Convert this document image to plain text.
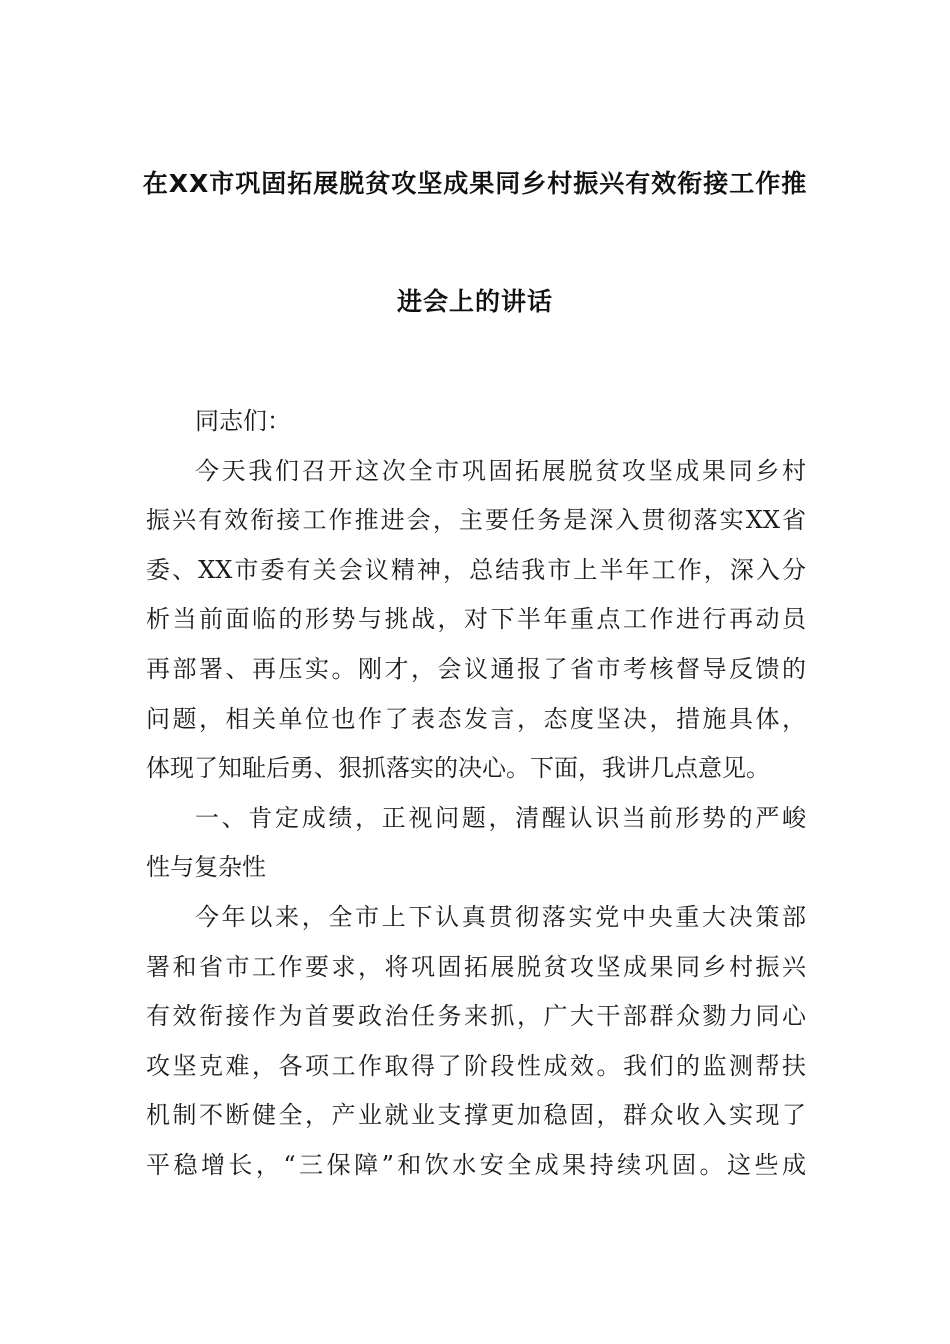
在XX市巩固拓展脱贫攻坚成果同乡村振兴有效衔接工作推
进会上的讲话
同志们：
今天我们召开这次全市巩固拓展脱贫攻坚成果同乡村
振兴有效衔接工作推进会，主要任务是深入贯彻落实XX省
委、XX市委有关会议精神，总结我市上半年工作，深入分
析当前面临的形势与挑战，对下半年重点工作进行再动员
再部署、再压实。刚才，会议通报了省市考核督导反馈的
问题，相关单位也作了表态发言，态度坚决，措施具体，
体现了知耻后勇、狠抓落实的决心。下面，我讲几点意见。
一、肯定成绩，正视问题，清醒认识当前形势的严峻
性与复杂性
今年以来，全市上下认真贯彻落实党中央重大决策部
署和省市工作要求，将巩固拓展脱贫攻坚成果同乡村振兴
有效衔接作为首要政治任务来抓，广大干部群众勠力同心
攻坚克难，各项工作取得了阶段性成效。我们的监测帮扶
机制不断健全，产业就业支撑更加稳固，群众收入实现了
平稳增长，“三保障”和饮水安全成果持续巩固。这些成
